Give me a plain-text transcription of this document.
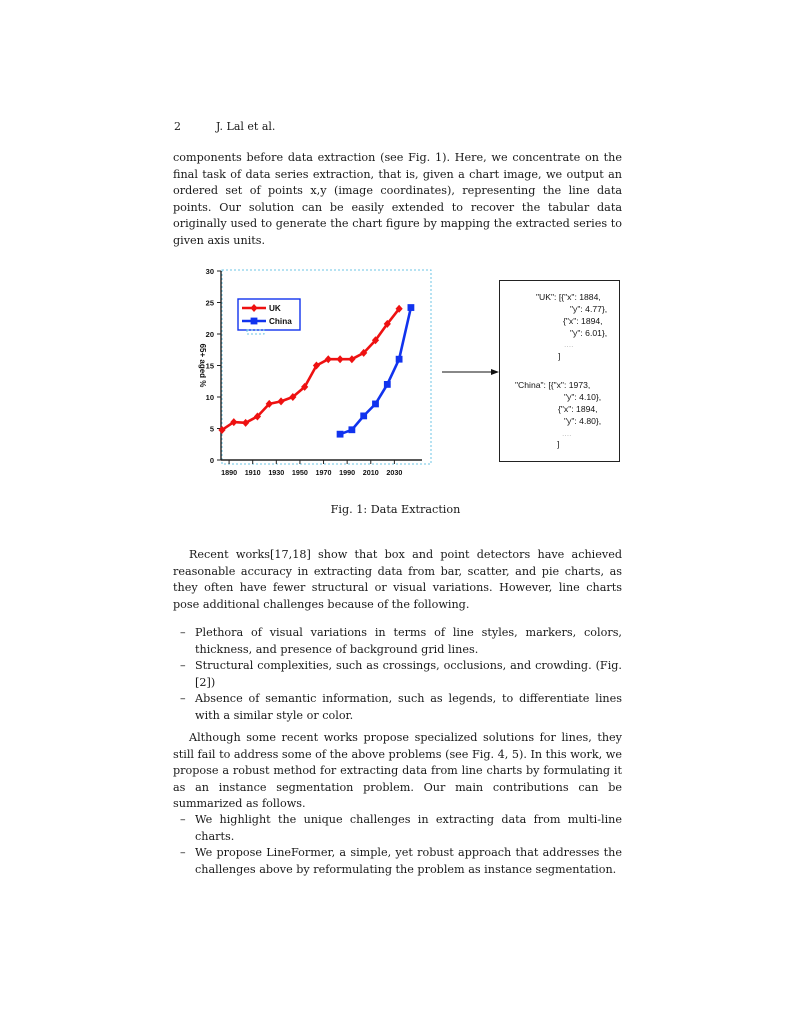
2	J. Lal et al.

components before data extraction (see Fig. 1). Here, we concentrate on the final task of data series extraction, that is, given a chart image, we output an ordered set of points x,y (image coordinates), representing the line data points. Our solution can be easily extended to recover the tabular data originally used to generate the chart figure by mapping the extracted series to given axis units.

0
5
10
15
20
25
30
1890 1910 1930 1950 1970 1990 2010 2030
65+ aged %
UK
China
"UK": [{"x": 1884,
"y": 4.77},
{"x": 1894,
"y": 6.01},
....
]
"China": [{"x": 1973,
"y": 4.10},
{"x": 1894,
"y": 4.80},
....
]
Fig. 1: Data Extraction

Recent works[17,18] show that box and point detectors have achieved reasonable accuracy in extracting data from bar, scatter, and pie charts, as they often have fewer structural or visual variations. However, line charts pose additional challenges because of the following.

– Plethora of visual variations in terms of line styles, markers, colors, thickness, and presence of background grid lines.
– Structural complexities, such as crossings, occlusions, and crowding. (Fig. [2])
– Absence of semantic information, such as legends, to differentiate lines with a similar style or color.

Although some recent works propose specialized solutions for lines, they still fail to address some of the above problems (see Fig. 4, 5). In this work, we propose a robust method for extracting data from line charts by formulating it as an instance segmentation problem. Our main contributions can be summarized as follows.

– We highlight the unique challenges in extracting data from multi-line charts.
– We propose LineFormer, a simple, yet robust approach that addresses the challenges above by reformulating the problem as instance segmentation.
